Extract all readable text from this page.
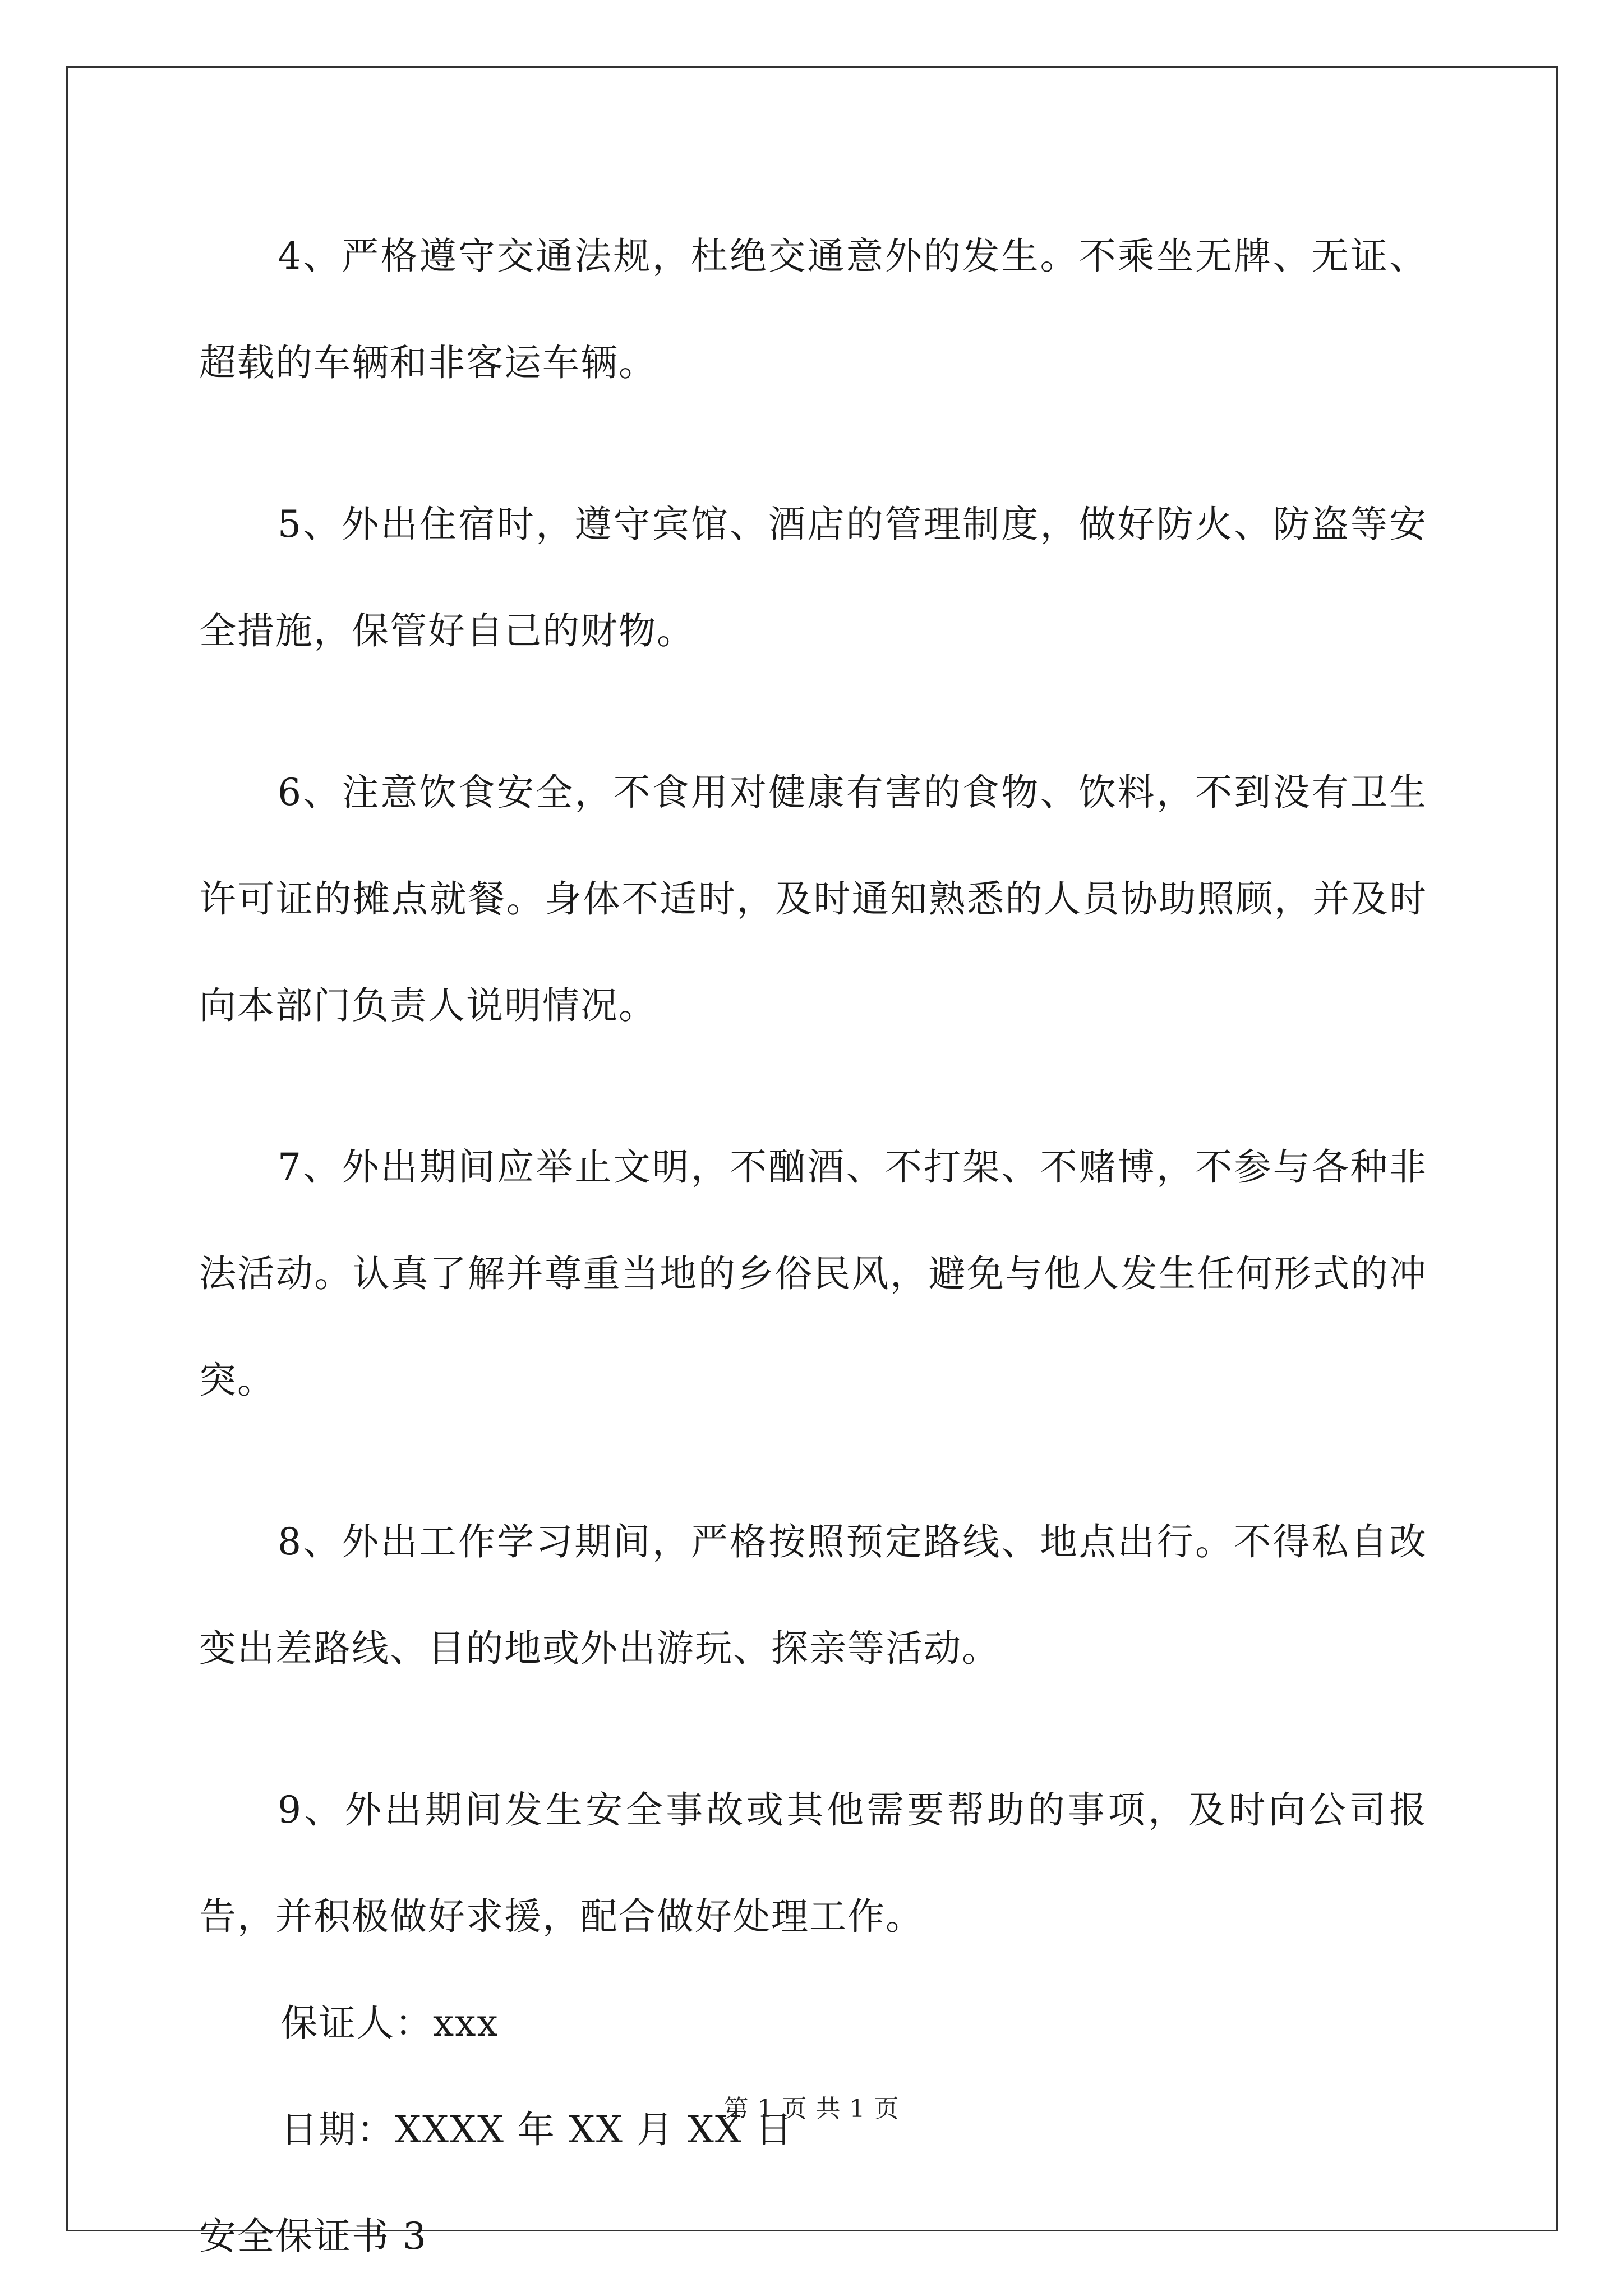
4、严格遵守交通法规，杜绝交通意外的发生。不乘坐无牌、无证、超载的车辆和非客运车辆。

5、外出住宿时，遵守宾馆、酒店的管理制度，做好防火、防盗等安全措施，保管好自己的财物。

6、注意饮食安全，不食用对健康有害的食物、饮料，不到没有卫生许可证的摊点就餐。身体不适时，及时通知熟悉的人员协助照顾，并及时向本部门负责人说明情况。

7、外出期间应举止文明，不酗酒、不打架、不赌博，不参与各种非法活动。认真了解并尊重当地的乡俗民风，避免与他人发生任何形式的冲突。

8、外出工作学习期间，严格按照预定路线、地点出行。不得私自改变出差路线、目的地或外出游玩、探亲等活动。

9、外出期间发生安全事故或其他需要帮助的事项，及时向公司报告，并积极做好求援，配合做好处理工作。

保证人：xxx

日期：XXXX 年 XX 月 XX 日

安全保证书 3

第 1 页 共 1 页
